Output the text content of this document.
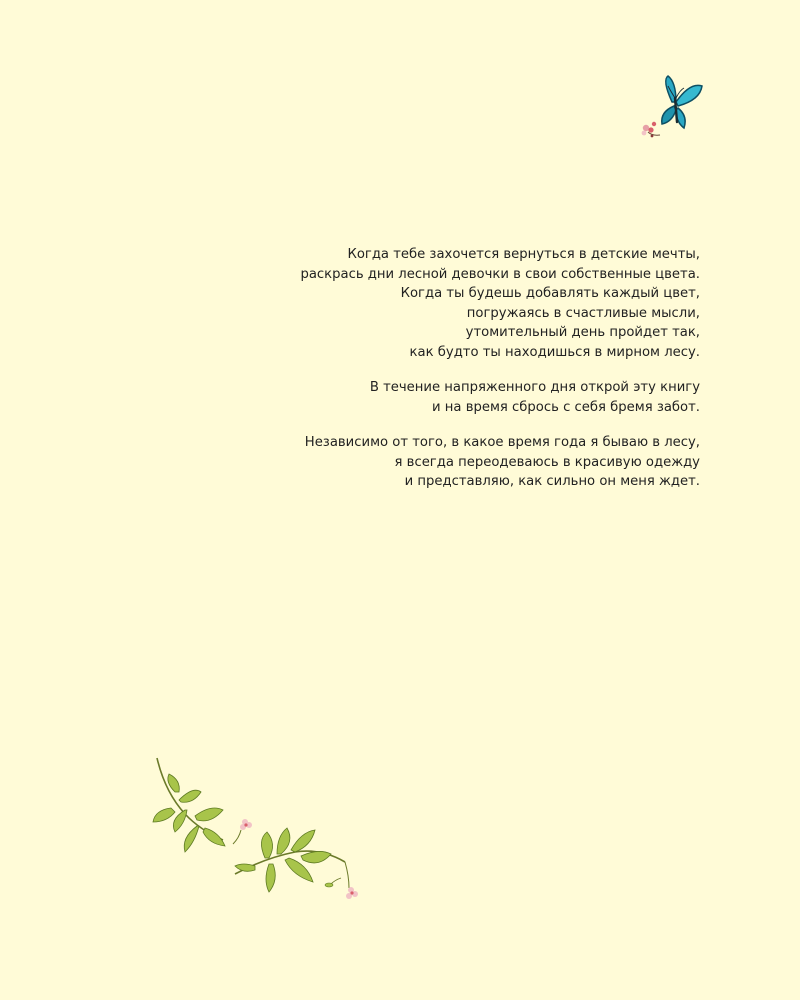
Когда тебе захочется вернуться в детские мечты,
раскрась дни лесной девочки в свои собственные цвета.
Когда ты будешь добавлять каждый цвет,
погружаясь в счастливые мысли,
утомительный день пройдет так,
как будто ты находишься в мирном лесу.
В течение напряженного дня открой эту книгу
и на время сбрось с себя бремя забот.
Независимо от того, в какое время года я бываю в лесу,
я всегда переодеваюсь в красивую одежду
и представляю, как сильно он меня ждет.
